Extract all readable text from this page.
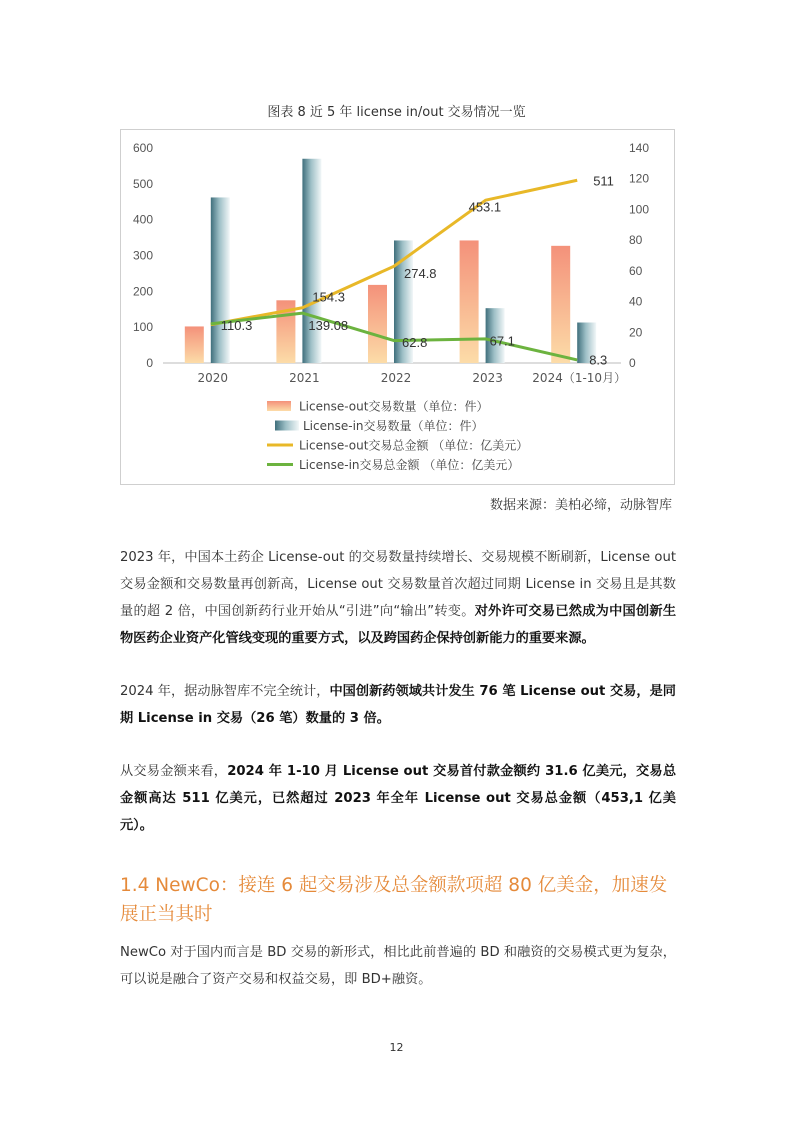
图表 8 近 5 年 license in/out 交易情况一览
0
100
200
300
400
500
600
0
20
40
60
80
100
120
140
2020	2021	2022	2023 2024（1-10月）
110.3
154.3
139.08
274.8
62.8
453.1
67.1
511
8.3
License-out交易数量（单位：件）
License-in交易数量（单位：件）
License-out交易总金额 （单位：亿美元）
License-in交易总金额 （单位：亿美元）
数据来源：美柏必缔，动脉智库
2023 年，中国本土药企 License-out 的交易数量持续增长、交易规模不断刷新，License out 交易金额和交易数量再创新高，License out 交易数量首次超过同期 License in 交易且是其数量的超 2 倍，中国创新药行业开始从“引进”向“输出”转变。对外许可交易已然成为中国创新生物医药企业资产化管线变现的重要方式，以及跨国药企保持创新能力的重要来源。
2024 年，据动脉智库不完全统计，中国创新药领域共计发生 76 笔 License out 交易，是同期 License in 交易（26 笔）数量的 3 倍。
从交易金额来看，2024 年 1-10 月 License out 交易首付款金额约 31.6 亿美元，交易总金额高达 511 亿美元，已然超过 2023 年全年 License out 交易总金额（453,1 亿美元）。
1.4 NewCo：接连 6 起交易涉及总金额款项超 80 亿美金，加速发展正当其时
NewCo 对于国内而言是 BD 交易的新形式，相比此前普遍的 BD 和融资的交易模式更为复杂，可以说是融合了资产交易和权益交易，即 BD+融资。
12
